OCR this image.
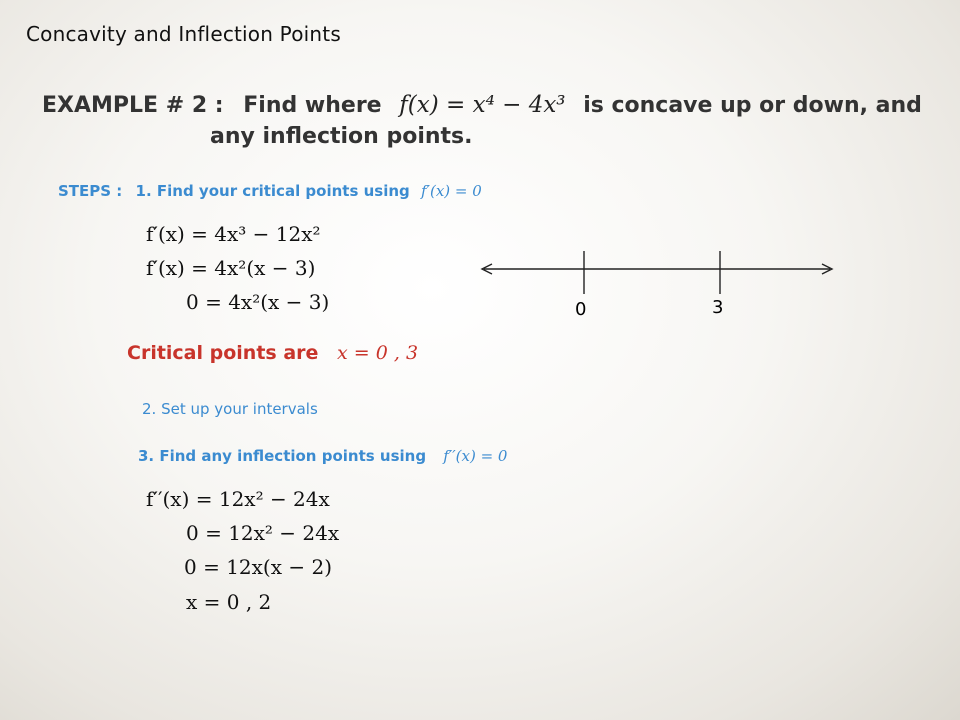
Concavity and Inflection Points
EXAMPLE # 2 : Find where f(x) = x⁴ − 4x³ is concave up or down, and
any inflection points.
STEPS : 1. Find your critical points using f′(x) = 0
f′(x) = 4x³ − 12x²
f′(x) = 4x²(x − 3)
0 = 4x²(x − 3)	0	3
Critical points are x = 0 , 3
2. Set up your intervals
3. Find any inflection points using f′′(x) = 0
f′′(x) = 12x² − 24x
0 = 12x² − 24x
0 = 12x(x − 2)
x = 0 , 2
